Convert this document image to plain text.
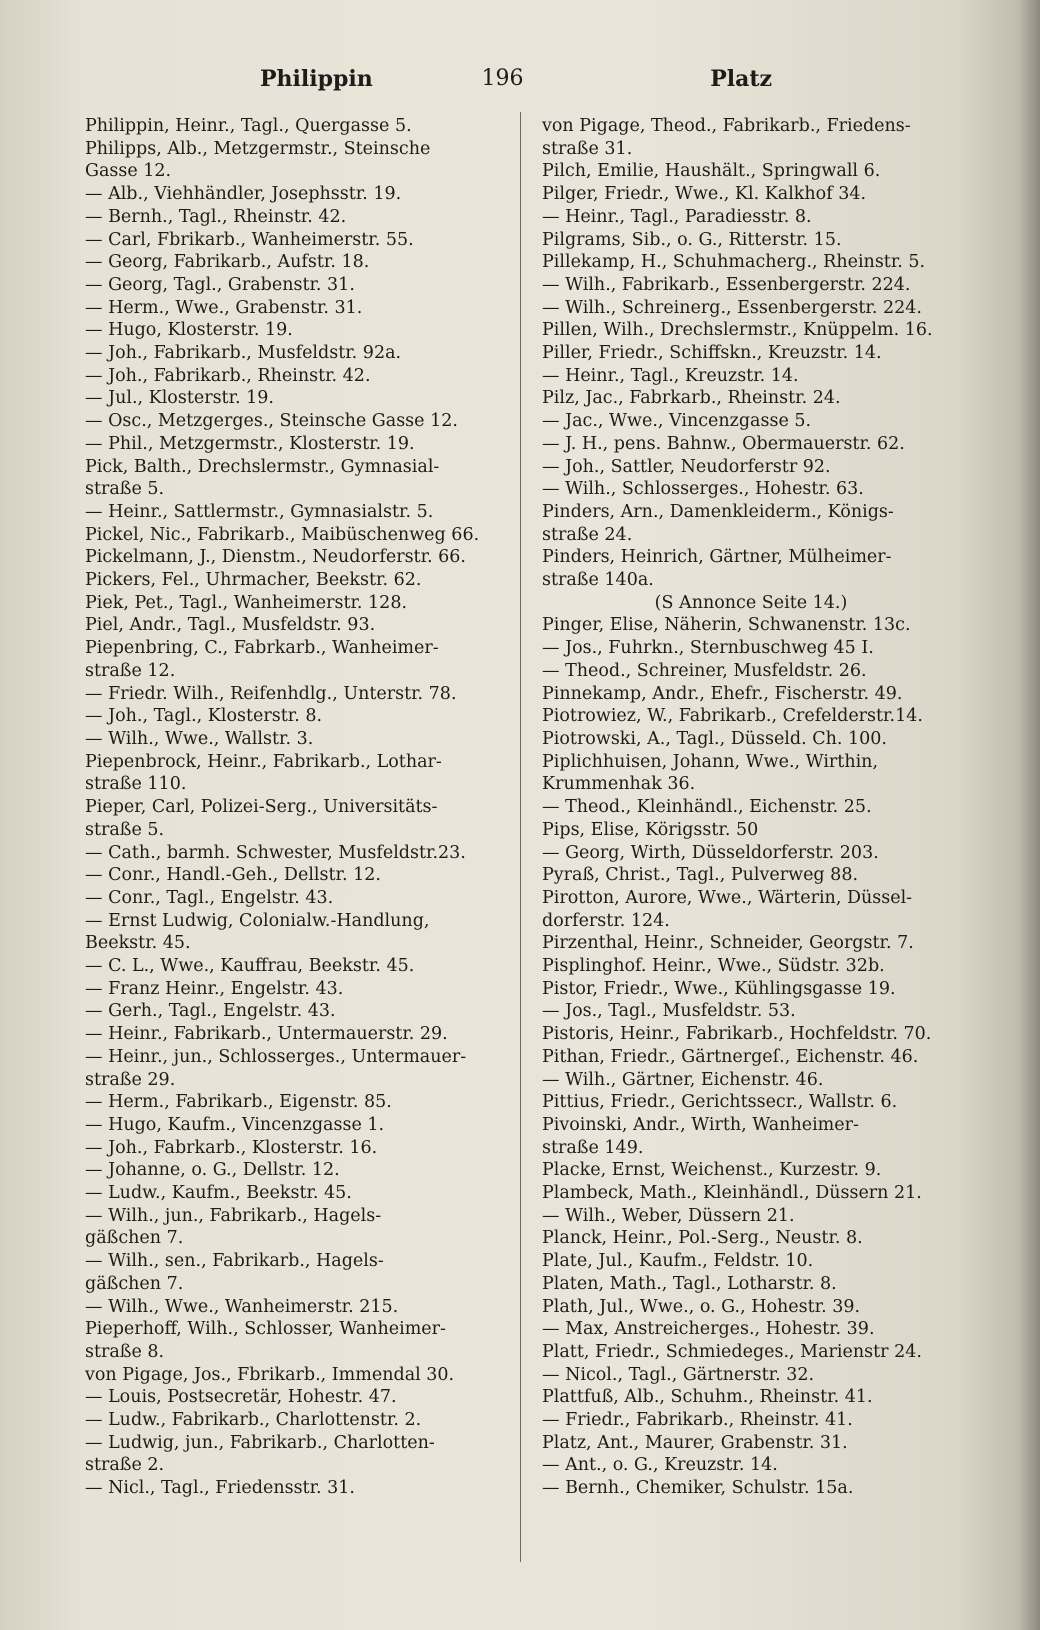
Philippin	196	Platz
Philippin, Heinr., Tagl., Quergasse 5.
Philipps, Alb., Metzgermstr., Steinsche
Gasse 12.
— Alb., Viehhändler, Josephsstr. 19.
— Bernh., Tagl., Rheinstr. 42.
— Carl, Fbrikarb., Wanheimerstr. 55.
— Georg, Fabrikarb., Aufstr. 18.
— Georg, Tagl., Grabenstr. 31.
— Herm., Wwe., Grabenstr. 31.
— Hugo, Klosterstr. 19.
— Joh., Fabrikarb., Musfeldstr. 92a.
— Joh., Fabrikarb., Rheinstr. 42.
— Jul., Klosterstr. 19.
— Osc., Metzgerges., Steinsche Gasse 12.
— Phil., Metzgermstr., Klosterstr. 19.
Pick, Balth., Drechslermstr., Gymnasial-
straße 5.
— Heinr., Sattlermstr., Gymnasialstr. 5.
Pickel, Nic., Fabrikarb., Maibüschenweg 66.
Pickelmann, J., Dienstm., Neudorferstr. 66.
Pickers, Fel., Uhrmacher, Beekstr. 62.
Piek, Pet., Tagl., Wanheimerstr. 128.
Piel, Andr., Tagl., Musfeldstr. 93.
Piepenbring, C., Fabrkarb., Wanheimer-
straße 12.
— Friedr. Wilh., Reifenhdlg., Unterstr. 78.
— Joh., Tagl., Klosterstr. 8.
— Wilh., Wwe., Wallstr. 3.
Piepenbrock, Heinr., Fabrikarb., Lothar-
straße 110.
Pieper, Carl, Polizei-Serg., Universitäts-
straße 5.
— Cath., barmh. Schwester, Musfeldstr.23.
— Conr., Handl.-Geh., Dellstr. 12.
— Conr., Tagl., Engelstr. 43.
— Ernst Ludwig, Colonialw.-Handlung,
Beekstr. 45.
— C. L., Wwe., Kauffrau, Beekstr. 45.
— Franz Heinr., Engelstr. 43.
— Gerh., Tagl., Engelstr. 43.
— Heinr., Fabrikarb., Untermauerstr. 29.
— Heinr., jun., Schlosserges., Untermauer-
straße 29.
— Herm., Fabrikarb., Eigenstr. 85.
— Hugo, Kaufm., Vincenzgasse 1.
— Joh., Fabrkarb., Klosterstr. 16.
— Johanne, o. G., Dellstr. 12.
— Ludw., Kaufm., Beekstr. 45.
— Wilh., jun., Fabrikarb., Hagels-
gäßchen 7.
— Wilh., sen., Fabrikarb., Hagels-
gäßchen 7.
— Wilh., Wwe., Wanheimerstr. 215.
Pieperhoff, Wilh., Schlosser, Wanheimer-
straße 8.
von Pigage, Jos., Fbrikarb., Immendal 30.
— Louis, Postsecretär, Hohestr. 47.
— Ludw., Fabrikarb., Charlottenstr. 2.
— Ludwig, jun., Fabrikarb., Charlotten-
straße 2.
— Nicl., Tagl., Friedensstr. 31.
von Pigage, Theod., Fabrikarb., Friedens-
straße 31.
Pilch, Emilie, Haushält., Springwall 6.
Pilger, Friedr., Wwe., Kl. Kalkhof 34.
— Heinr., Tagl., Paradiesstr. 8.
Pilgrams, Sib., o. G., Ritterstr. 15.
Pillekamp, H., Schuhmacherg., Rheinstr. 5.
— Wilh., Fabrikarb., Essenbergerstr. 224.
— Wilh., Schreinerg., Essenbergerstr. 224.
Pillen, Wilh., Drechslermstr., Knüppelm. 16.
Piller, Friedr., Schiffskn., Kreuzstr. 14.
— Heinr., Tagl., Kreuzstr. 14.
Pilz, Jac., Fabrkarb., Rheinstr. 24.
— Jac., Wwe., Vincenzgasse 5.
— J. H., pens. Bahnw., Obermauerstr. 62.
— Joh., Sattler, Neudorferstr 92.
— Wilh., Schlosserges., Hohestr. 63.
Pinders, Arn., Damenkleiderm., Königs-
straße 24.
Pinders, Heinrich, Gärtner, Mülheimer-
straße 140a.
(S Annonce Seite 14.)
Pinger, Elise, Näherin, Schwanenstr. 13c.
— Jos., Fuhrkn., Sternbuschweg 45 I.
— Theod., Schreiner, Musfeldstr. 26.
Pinnekamp, Andr., Ehefr., Fischerstr. 49.
Piotrowiez, W., Fabrikarb., Crefelderstr.14.
Piotrowski, A., Tagl., Düsseld. Ch. 100.
Piplichhuisen, Johann, Wwe., Wirthin,
Krummenhak 36.
— Theod., Kleinhändl., Eichenstr. 25.
Pips, Elise, Körigsstr. 50
— Georg, Wirth, Düsseldorferstr. 203.
Pyraß, Christ., Tagl., Pulverweg 88.
Pirotton, Aurore, Wwe., Wärterin, Düssel-
dorferstr. 124.
Pirzenthal, Heinr., Schneider, Georgstr. 7.
Pisplinghof. Heinr., Wwe., Südstr. 32b.
Pistor, Friedr., Wwe., Kühlingsgasse 19.
— Jos., Tagl., Musfeldstr. 53.
Pistoris, Heinr., Fabrikarb., Hochfeldstr. 70.
Pithan, Friedr., Gärtnergeſ., Eichenstr. 46.
— Wilh., Gärtner, Eichenstr. 46.
Pittius, Friedr., Gerichtssecr., Wallstr. 6.
Pivoinski, Andr., Wirth, Wanheimer-
straße 149.
Placke, Ernst, Weichenst., Kurzestr. 9.
Plambeck, Math., Kleinhändl., Düssern 21.
— Wilh., Weber, Düssern 21.
Planck, Heinr., Pol.-Serg., Neustr. 8.
Plate, Jul., Kaufm., Feldstr. 10.
Platen, Math., Tagl., Lotharstr. 8.
Plath, Jul., Wwe., o. G., Hohestr. 39.
— Max, Anstreicherges., Hohestr. 39.
Platt, Friedr., Schmiedeges., Marienstr 24.
— Nicol., Tagl., Gärtnerstr. 32.
Plattfuß, Alb., Schuhm., Rheinstr. 41.
— Friedr., Fabrikarb., Rheinstr. 41.
Platz, Ant., Maurer, Grabenstr. 31.
— Ant., o. G., Kreuzstr. 14.
— Bernh., Chemiker, Schulstr. 15a.
